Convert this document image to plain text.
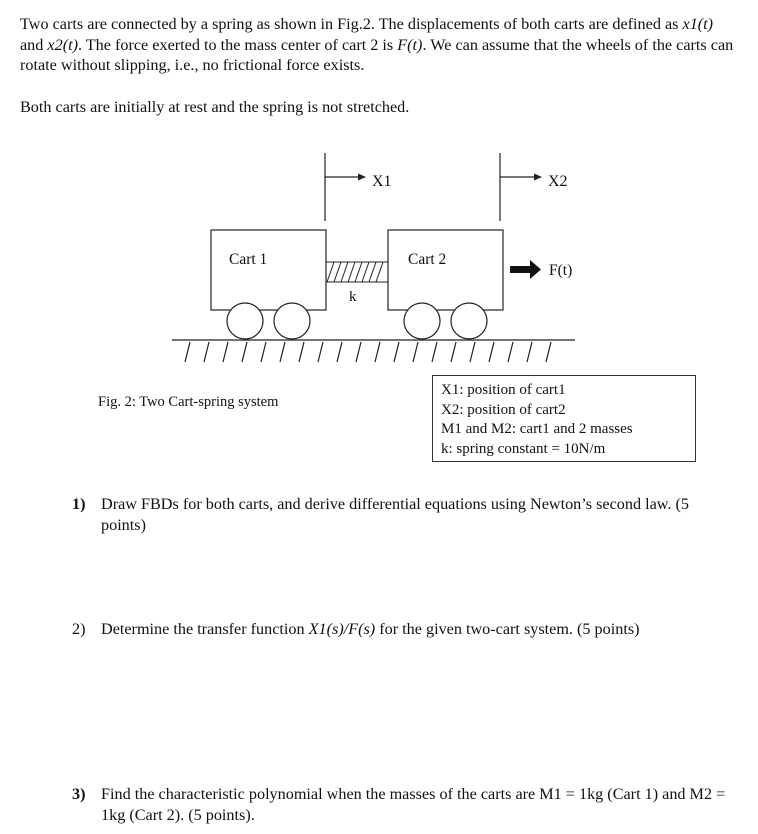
Two carts are connected by a spring as shown in Fig.2. The displacements of both carts are defined as x1(t) and x2(t). The force exerted to the mass center of cart 2 is F(t). We can assume that the wheels of the carts can rotate without slipping, i.e., no frictional force exists.
Both carts are initially at rest and the spring is not stretched.
X1	X2
Cart 1	Cart 2
k
F(t)
Fig. 2: Two Cart-spring system
X1: position of cart1
X2: position of cart2
M1 and M2: cart1 and 2 masses
k: spring constant = 10N/m
1) Draw FBDs for both carts, and derive differential equations using Newton’s second law. (5 points)
2) Determine the transfer function X1(s)/F(s) for the given two-cart system. (5 points)
3) Find the characteristic polynomial when the masses of the carts are M1 = 1kg (Cart 1) and M2 = 1kg (Cart 2). (5 points).
